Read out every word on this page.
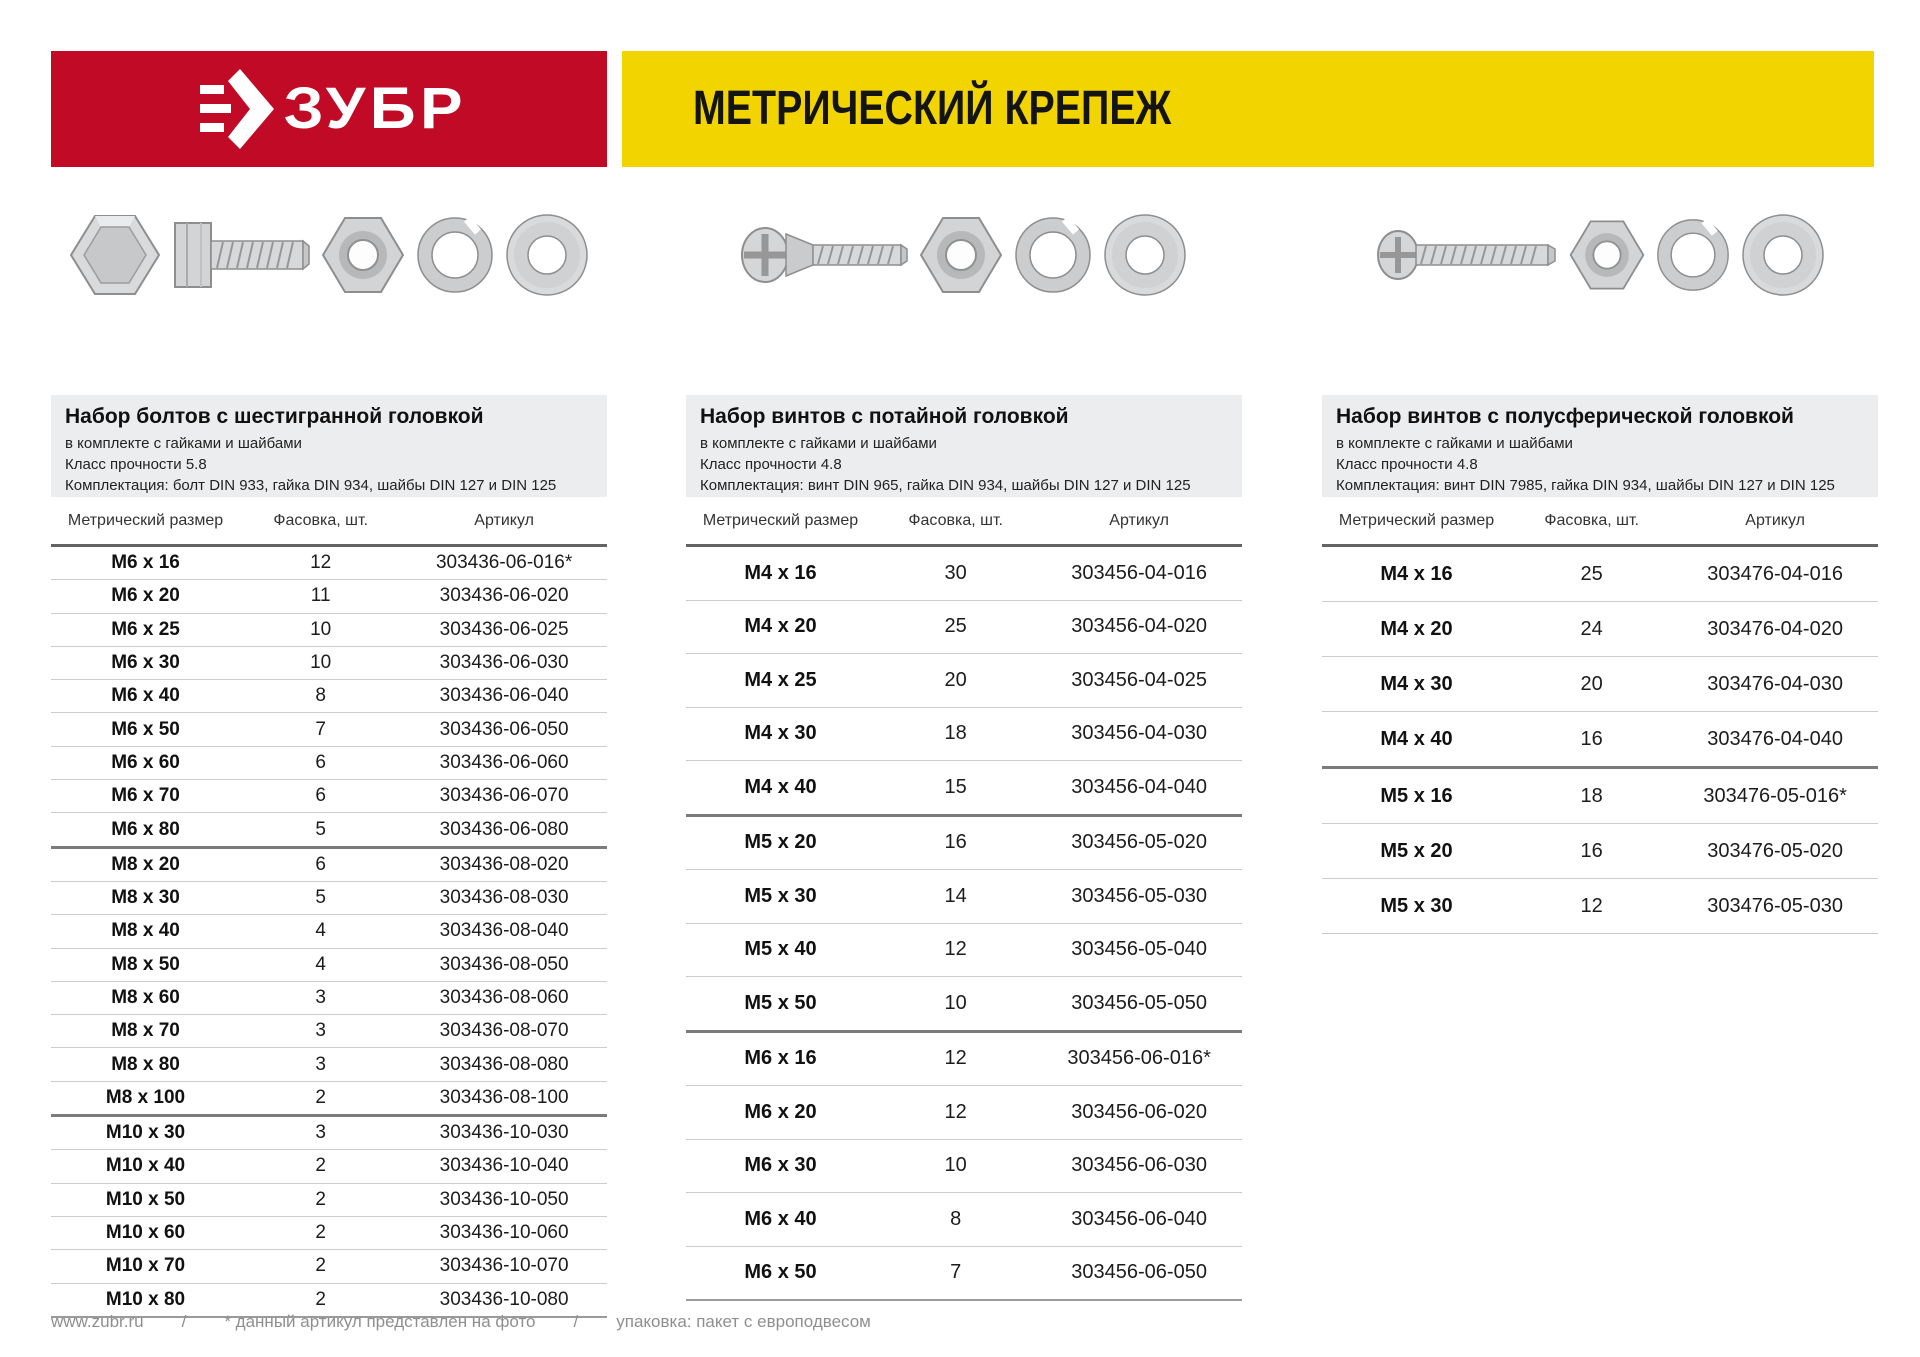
ЗУБР	МЕТРИЧЕСКИЙ КРЕПЕЖ
Набор болтов с шестигранной головкой
в комплекте с гайками и шайбами
Класс прочности 5.8
Комплектация: болт DIN 933, гайка DIN 934, шайбы DIN 127 и DIN 125
Метрический размер	Фасовка, шт.	Артикул
M6 x 16	12	303436-06-016*
M6 x 20	11	303436-06-020
M6 x 25	10	303436-06-025
M6 x 30	10	303436-06-030
M6 x 40	8	303436-06-040
M6 x 50	7	303436-06-050
M6 x 60	6	303436-06-060
M6 x 70	6	303436-06-070
M6 x 80	5	303436-06-080
M8 x 20	6	303436-08-020
M8 x 30	5	303436-08-030
M8 x 40	4	303436-08-040
M8 x 50	4	303436-08-050
M8 x 60	3	303436-08-060
M8 x 70	3	303436-08-070
M8 x 80	3	303436-08-080
M8 x 100	2	303436-08-100
M10 x 30	3	303436-10-030
M10 x 40	2	303436-10-040
M10 x 50	2	303436-10-050
M10 x 60	2	303436-10-060
M10 x 70	2	303436-10-070
M10 x 80	2	303436-10-080
Набор винтов с потайной головкой
в комплекте с гайками и шайбами
Класс прочности 4.8
Комплектация: винт DIN 965, гайка DIN 934, шайбы DIN 127 и DIN 125
Метрический размер	Фасовка, шт.	Артикул
M4 x 16	30	303456-04-016
M4 x 20	25	303456-04-020
M4 x 25	20	303456-04-025
M4 x 30	18	303456-04-030
M4 x 40	15	303456-04-040
M5 x 20	16	303456-05-020
M5 x 30	14	303456-05-030
M5 x 40	12	303456-05-040
M5 x 50	10	303456-05-050
M6 x 16	12	303456-06-016*
M6 x 20	12	303456-06-020
M6 x 30	10	303456-06-030
M6 x 40	8	303456-06-040
M6 x 50	7	303456-06-050
Набор винтов с полусферической головкой
в комплекте с гайками и шайбами
Класс прочности 4.8
Комплектация: винт DIN 7985, гайка DIN 934, шайбы DIN 127 и DIN 125
Метрический размер	Фасовка, шт.	Артикул
M4 x 16	25	303476-04-016
M4 x 20	24	303476-04-020
M4 x 30	20	303476-04-030
M4 x 40	16	303476-04-040
M5 x 16	18	303476-05-016*
M5 x 20	16	303476-05-020
M5 x 30	12	303476-05-030
www.zubr.ru / * данный артикул представлен на фото / упаковка: пакет с европодвесом
